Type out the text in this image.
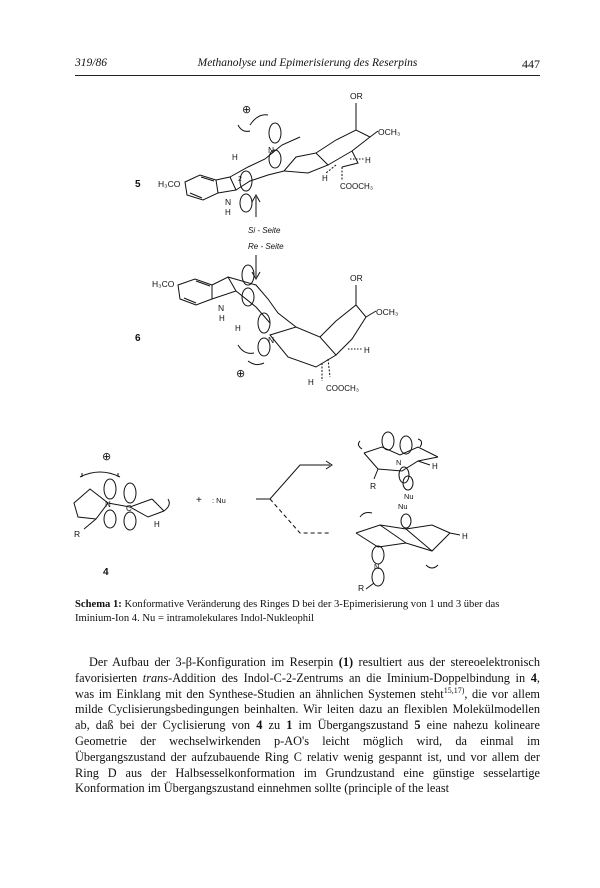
319/86	Methanolyse und Epimerisierung des Reserpins	447
5 H₃CO
N
H
2
N
⊕
H
OR
OCH₃
H
H
COOCH₃
Si - Seite
Re - Seite
6
H₃CO
N
H
H
N
OR
OCH₃
H
H
COOCH₃
⊕
⊕
R
N C
H
4
+ : Nu
R
N	H
Nu
Nu
N
R
H
Schema 1: Konformative Veränderung des Ringes D bei der 3-Epimerisierung von 1 und 3 über das Iminium-Ion 4. Nu = intramolekulares Indol-Nukleophil

Der Aufbau der 3-β-Konfiguration im Reserpin (1) resultiert aus der stereoelektronisch favorisierten trans-Addition des Indol-C-2-Zentrums an die Iminium-Doppelbindung in 4, was im Einklang mit den Synthese-Studien an ähnlichen Systemen steht$^{15,17)}$, die vor allem milde Cyclisierungsbedingungen beinhalten. Wir leiten dazu an flexiblen Molekülmodellen ab, daß bei der Cyclisierung von 4 zu 1 im Übergangszustand 5 eine nahezu kolineare Geometrie der wechselwirkenden p-AO's leicht möglich wird, da einmal im Übergangszustand der aufzubauende Ring C relativ wenig gespannt ist, und vor allem der Ring D aus der Halbsesselkonformation im Grundzustand eine günstige sesselartige Konformation im Übergangszustand einnehmen sollte (principle of the least
